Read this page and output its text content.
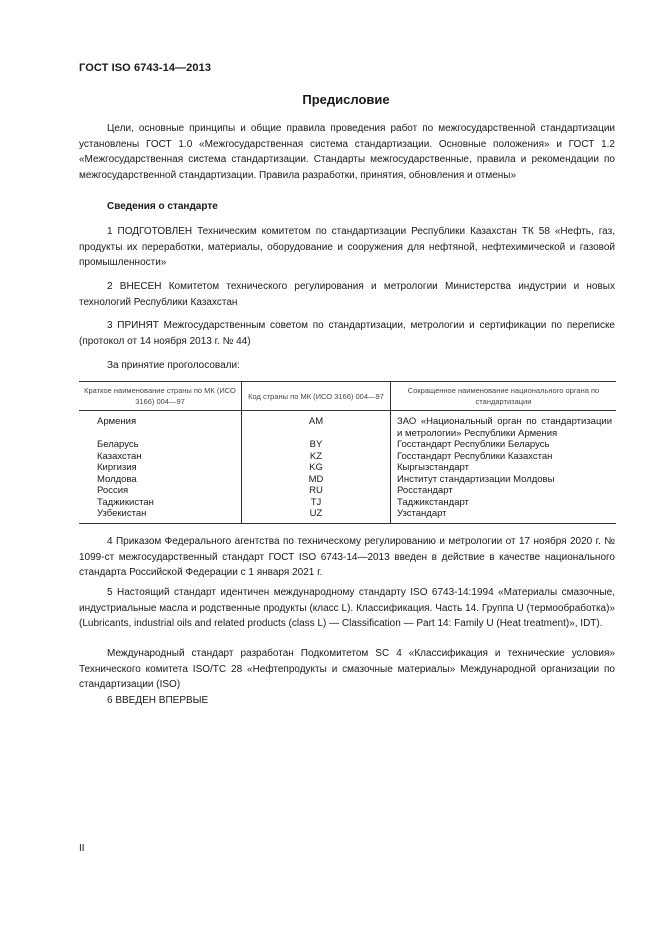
ГОСТ ISO 6743-14—2013
Предисловие
Цели, основные принципы и общие правила проведения работ по межгосударственной стандартизации установлены ГОСТ 1.0 «Межгосударственная система стандартизации. Основные положения» и ГОСТ 1.2 «Межгосударственная система стандартизации. Стандарты межгосударственные, правила и рекомендации по межгосударственной стандартизации. Правила разработки, принятия, обновления и отмены»
Сведения о стандарте
1 ПОДГОТОВЛЕН Техническим комитетом по стандартизации Республики Казахстан ТК 58 «Нефть, газ, продукты их переработки, материалы, оборудование и сооружения для нефтяной, нефтехимической и газовой промышленности»
2 ВНЕСЕН Комитетом технического регулирования и метрологии Министерства индустрии и новых технологий Республики Казахстан
3 ПРИНЯТ Межгосударственным советом по стандартизации, метрологии и сертификации по переписке (протокол от 14 ноября 2013 г. № 44)
За принятие проголосовали:
Краткое наименование страны по МК (ИСО 3166) 004—97	Код страны по МК (ИСО 3166) 004—97	Сокращенное наименование национального органа по стандартизации
Армения	AM	ЗАО «Национальный орган по стандартизации и метрологии» Республики Армения
Беларусь	BY	Госстандарт Республики Беларусь
Казахстан	KZ	Госстандарт Республики Казахстан
Киргизия	KG	Кыргызстандарт
Молдова	MD	Институт стандартизации Молдовы
Россия	RU	Росстандарт
Таджикистан	TJ	Таджикстандарт
Узбекистан	UZ	Узстандарт
4 Приказом Федерального агентства по техническому регулированию и метрологии от 17 ноября 2020 г. № 1099-ст межгосударственный стандарт ГОСТ ISO 6743-14—2013 введен в действие в качестве национального стандарта Российской Федерации с 1 января 2021 г.
5 Настоящий стандарт идентичен международному стандарту ISO 6743-14:1994 «Материалы смазочные, индустриальные масла и родственные продукты (класс L). Классификация. Часть 14. Группа U (термообработка)» (Lubricants, industrial oils and related products (class L) — Classification — Part 14: Family U (Heat treatment)», IDT).
Международный стандарт разработан Подкомитетом SC 4 «Классификация и технические условия» Технического комитета ISO/TC 28 «Нефтепродукты и смазочные материалы» Международной организации по стандартизации (ISO)
6 ВВЕДЕН ВПЕРВЫЕ
II
